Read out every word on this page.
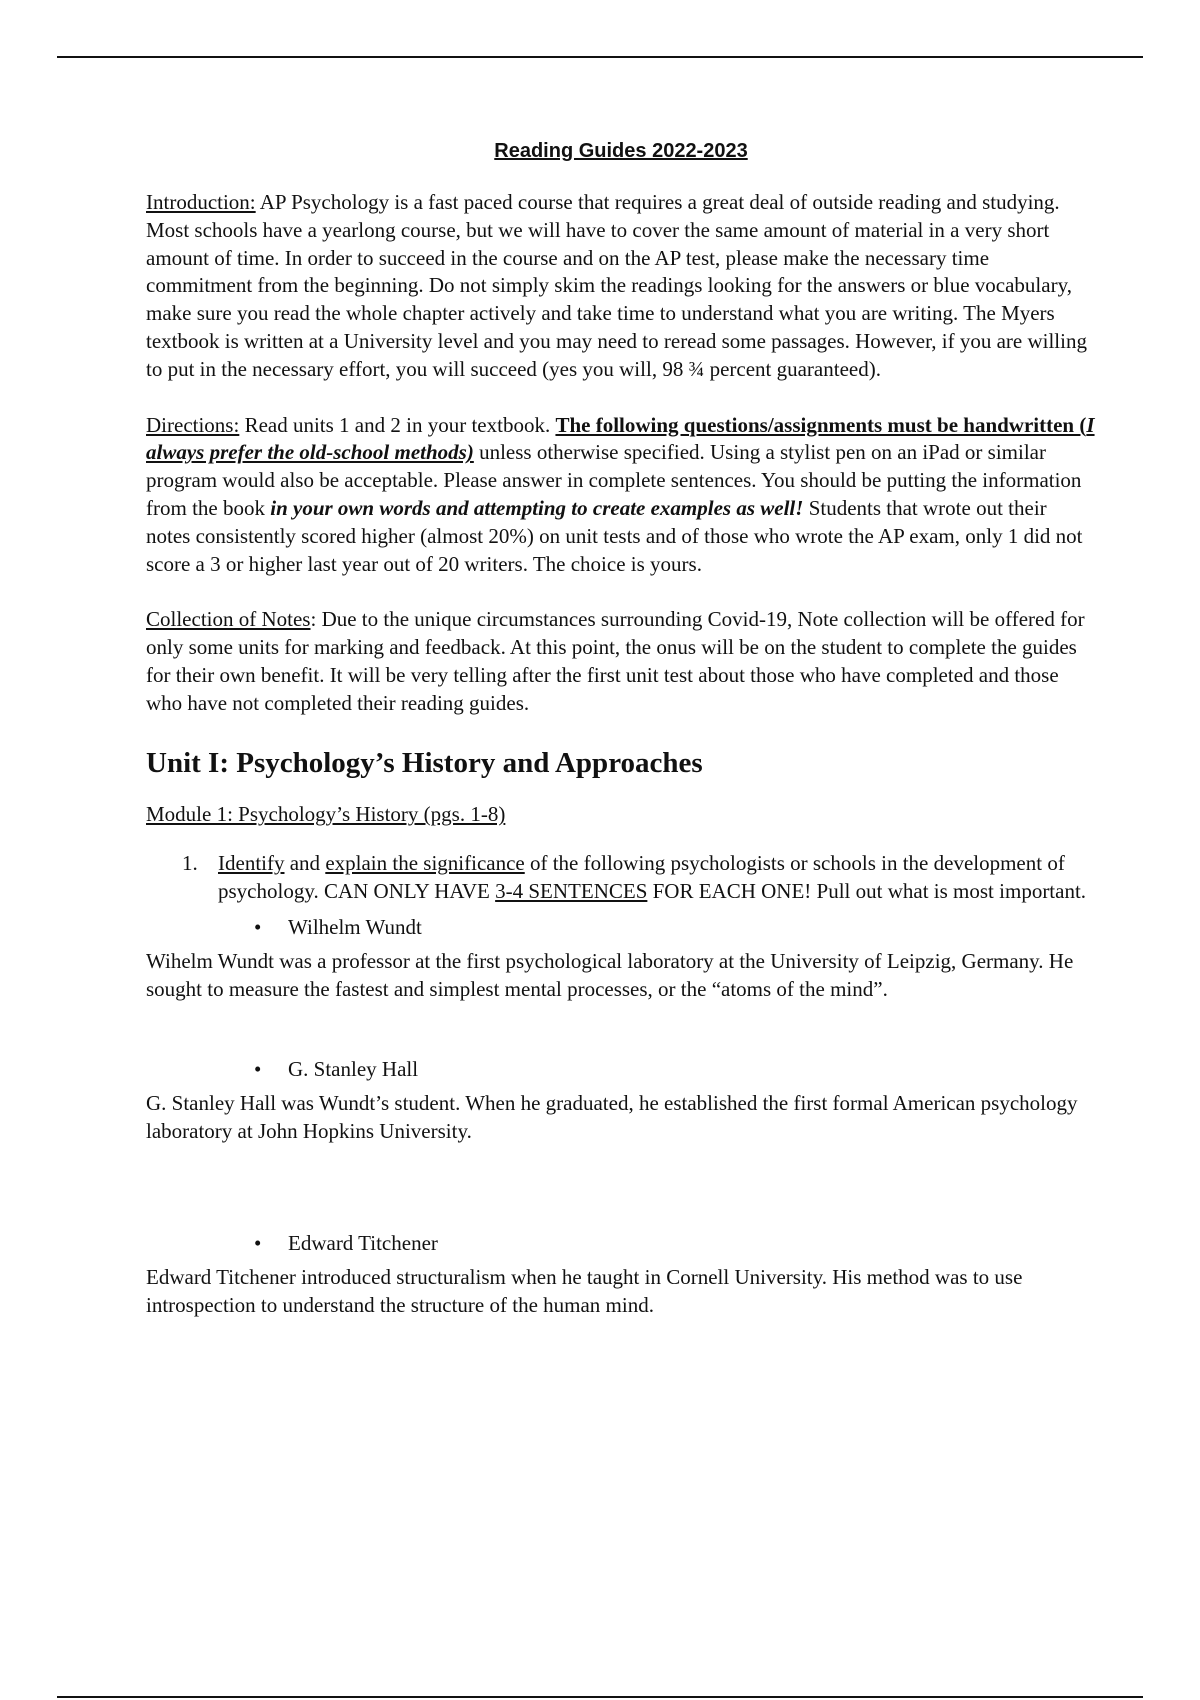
Reading Guides 2022-2023

Introduction: AP Psychology is a fast paced course that requires a great deal of outside reading and studying. Most schools have a yearlong course, but we will have to cover the same amount of material in a very short amount of time. In order to succeed in the course and on the AP test, please make the necessary time commitment from the beginning. Do not simply skim the readings looking for the answers or blue vocabulary, make sure you read the whole chapter actively and take time to understand what you are writing. The Myers textbook is written at a University level and you may need to reread some passages. However, if you are willing to put in the necessary effort, you will succeed (yes you will, 98 ¾ percent guaranteed).

Directions: Read units 1 and 2 in your textbook. The following questions/assignments must be handwritten (I always prefer the old-school methods) unless otherwise specified. Using a stylist pen on an iPad or similar program would also be acceptable. Please answer in complete sentences. You should be putting the information from the book in your own words and attempting to create examples as well! Students that wrote out their notes consistently scored higher (almost 20%) on unit tests and of those who wrote the AP exam, only 1 did not score a 3 or higher last year out of 20 writers. The choice is yours.

Collection of Notes: Due to the unique circumstances surrounding Covid-19, Note collection will be offered for only some units for marking and feedback. At this point, the onus will be on the student to complete the guides for their own benefit. It will be very telling after the first unit test about those who have completed and those who have not completed their reading guides.

Unit I: Psychology’s History and Approaches
Module 1: Psychology’s History (pgs. 1-8)
1. Identify and explain the significance of the following psychologists or schools in the development of psychology. CAN ONLY HAVE 3-4 SENTENCES FOR EACH ONE! Pull out what is most important.
•	Wilhelm Wundt

Wihelm Wundt was a professor at the first psychological laboratory at the University of Leipzig, Germany. He sought to measure the fastest and simplest mental processes, or the “atoms of the mind”.

•	G. Stanley Hall

G. Stanley Hall was Wundt’s student. When he graduated, he established the first formal American psychology laboratory at John Hopkins University.

•	Edward Titchener

Edward Titchener introduced structuralism when he taught in Cornell University. His method was to use introspection to understand the structure of the human mind.
